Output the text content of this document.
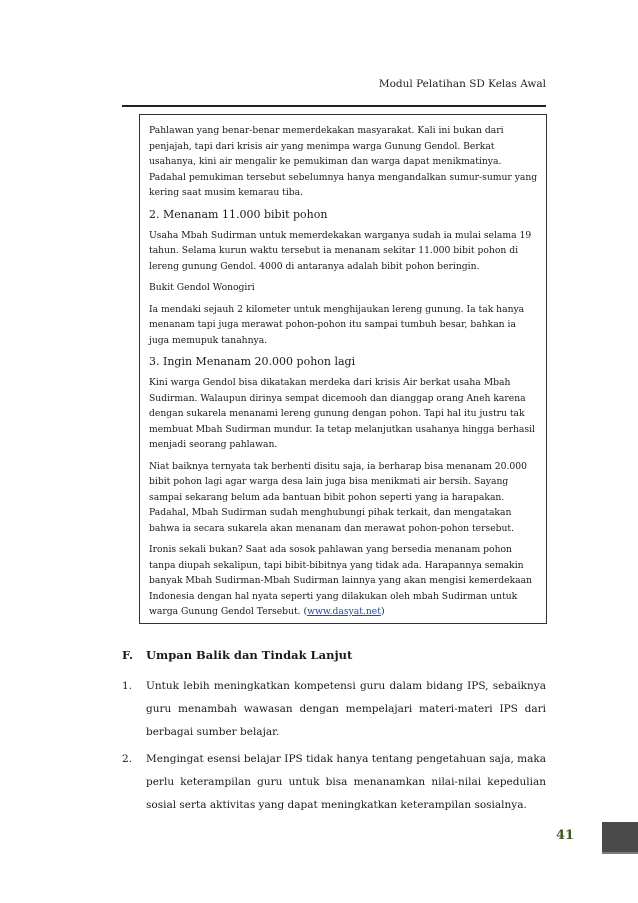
Modul Pelatihan SD Kelas Awal

Pahlawan yang benar-benar memerdekakan masyarakat. Kali ini bukan dari penjajah, tapi dari krisis air yang menimpa warga Gunung Gendol. Berkat usahanya, kini air mengalir ke pemukiman dan warga dapat menikmatinya. Padahal pemukiman tersebut sebelumnya hanya mengandalkan sumur-sumur yang kering saat musim kemarau tiba.

2. Menanam 11.000 bibit pohon

Usaha Mbah Sudirman untuk memerdekakan warganya sudah ia mulai selama 19 tahun. Selama kurun waktu tersebut ia menanam sekitar 11.000 bibit pohon di lereng gunung Gendol. 4000 di antaranya adalah bibit pohon beringin.

Bukit Gendol Wonogiri

Ia mendaki sejauh 2 kilometer untuk menghijaukan lereng gunung. Ia tak hanya menanam tapi juga merawat pohon-pohon itu sampai tumbuh besar, bahkan ia juga memupuk tanahnya.

3. Ingin Menanam 20.000 pohon lagi

Kini warga Gendol bisa dikatakan merdeka dari krisis Air berkat usaha Mbah Sudirman. Walaupun dirinya sempat dicemooh dan dianggap orang Aneh karena dengan sukarela menanami lereng gunung dengan pohon. Tapi hal itu justru tak membuat Mbah Sudirman mundur. Ia tetap melanjutkan usahanya hingga berhasil menjadi seorang pahlawan.

Niat baiknya ternyata tak berhenti disitu saja, ia berharap bisa menanam 20.000 bibit pohon lagi agar warga desa lain juga bisa menikmati air bersih. Sayang sampai sekarang belum ada bantuan bibit pohon seperti yang ia harapakan. Padahal, Mbah Sudirman sudah menghubungi pihak terkait, dan mengatakan bahwa ia secara sukarela akan menanam dan merawat pohon-pohon tersebut.

Ironis sekali bukan? Saat ada sosok pahlawan yang bersedia menanam pohon tanpa diupah sekalipun, tapi bibit-bibitnya yang tidak ada. Harapannya semakin banyak Mbah Sudirman-Mbah Sudirman lainnya yang akan mengisi kemerdekaan Indonesia dengan hal nyata seperti yang dilakukan oleh mbah Sudirman untuk warga Gunung Gendol Tersebut. (www.dasyat.net)

F. Umpan Balik dan Tindak Lanjut
1. Untuk lebih meningkatkan kompetensi guru dalam bidang IPS, sebaiknya guru menambah wawasan dengan mempelajari materi-materi IPS dari berbagai sumber belajar.
2. Mengingat esensi belajar IPS tidak hanya tentang pengetahuan saja, maka perlu keterampilan guru untuk bisa menanamkan nilai-nilai kepedulian sosial serta aktivitas yang dapat meningkatkan keterampilan sosialnya.
41
